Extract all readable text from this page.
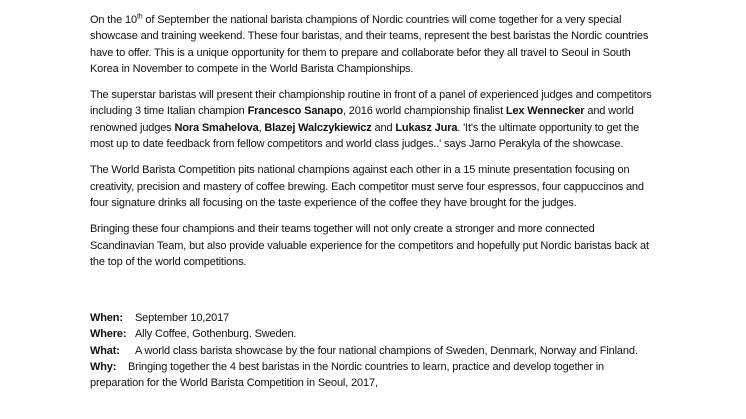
On the 10th of September the national barista champions of Nordic countries will come together for a very special showcase and training weekend. These four baristas, and their teams, represent the best baristas the Nordic countries have to offer. This is a unique opportunity for them to prepare and collaborate befor they all travel to Seoul in South Korea in November to compete in the World Barista Championships.

The superstar baristas will present their championship routine in front of a panel of experienced judges and competitors including 3 time Italian champion Francesco Sanapo, 2016 world championship finalist Lex Wennecker and world renowned judges Nora Smahelova, Blazej Walczykiewicz and Lukasz Jura. 'It's the ultimate opportunity to get the most up to date feedback from fellow competitors and world class judges..' says Jarno Perakyla of the showcase.

The World Barista Competition pits national champions against each other in a 15 minute presentation focusing on creativity, precision and mastery of coffee brewing. Each competitor must serve four espressos, four cappuccinos and four signature drinks all focusing on the taste experience of the coffee they have brought for the judges.

Bringing these four champions and their teams together will not only create a stronger and more connected Scandinavian Team, but also provide valuable experience for the competitors and hopefully put Nordic baristas back at the top of the world competitions.

When:	September 10,2017
Where: Ally Coffee, Gothenburg. Sweden.
What:	A world class barista showcase by the four national champions of Sweden, Denmark, Norway and Finland.
Why: Bringing together the 4 best baristas in the Nordic countries to learn, practice and develop together in preparation for the World Barista Competition in Seoul, 2017,
